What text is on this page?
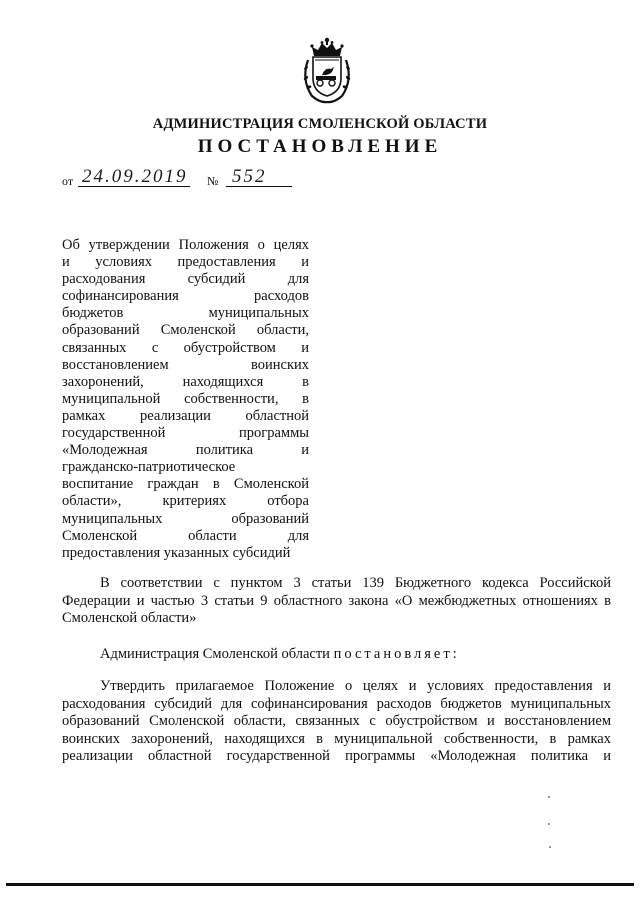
АДМИНИСТРАЦИЯ СМОЛЕНСКОЙ ОБЛАСТИ
ПОСТАНОВЛЕНИЕ
от 24.09.2019 № 552
Об утверждении Положения о целях
и условиях предоставления и
расходования субсидий для
софинансирования расходов
бюджетов муниципальных
образований Смоленской области,
связанных с обустройством и
восстановлением воинских
захоронений, находящихся в
муниципальной собственности, в
рамках реализации областной
государственной программы
«Молодежная политика и
гражданско-патриотическое
воспитание граждан в Смоленской
области», критериях отбора
муниципальных образований
Смоленской области для
предоставления указанных субсидий
В соответствии с пунктом 3 статьи 139 Бюджетного кодекса Российской
Федерации и частью 3 статьи 9 областного закона «О межбюджетных отношениях в
Смоленской области»
Администрация Смоленской области постановляет:
Утвердить прилагаемое Положение о целях и условиях предоставления и
расходования субсидий для софинансирования расходов бюджетов муниципальных
образований Смоленской области, связанных с обустройством и восстановлением
воинских захоронений, находящихся в муниципальной собственности, в рамках
реализации областной государственной программы «Молодежная политика и
